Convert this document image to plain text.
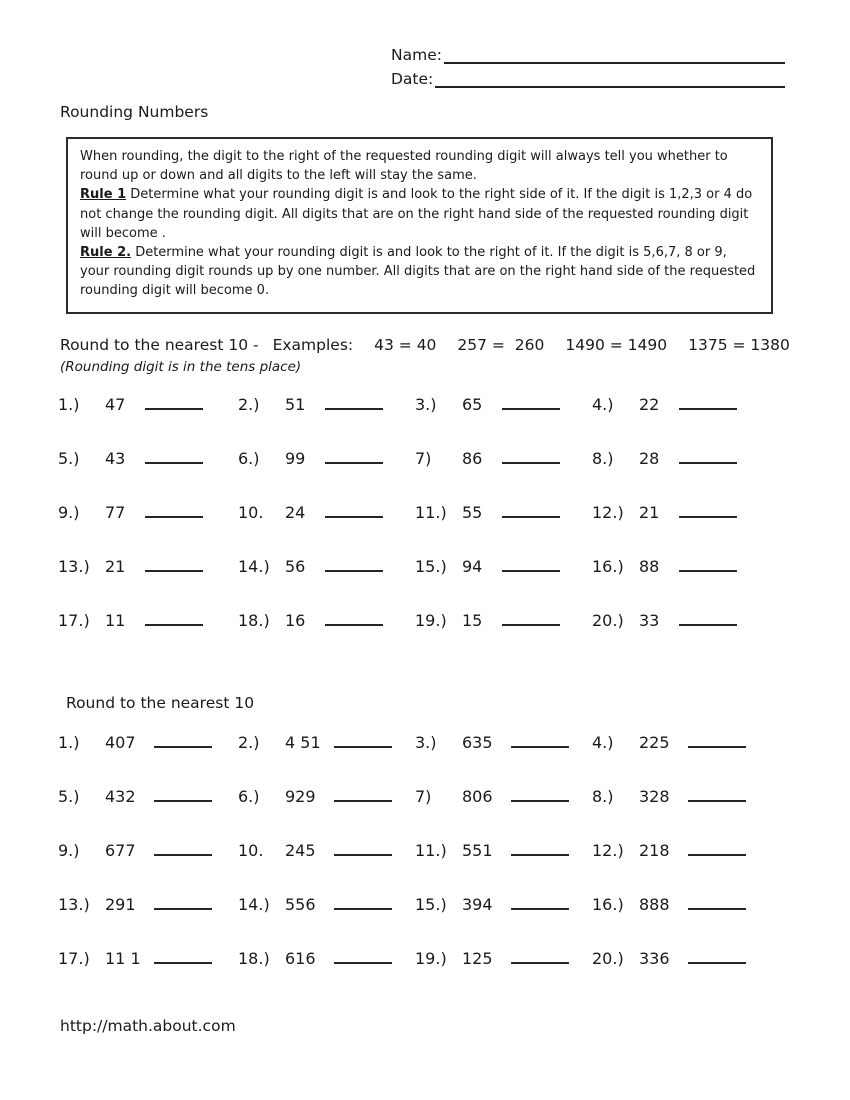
Name:
Date:
Rounding Numbers
When rounding, the digit to the right of the requested rounding digit will always tell you whether to round up or down and all digits to the left will stay the same.
Rule 1 Determine what your rounding digit is and look to the right side of it. If the digit is 1,2,3 or 4 do not change the rounding digit. All digits that are on the right hand side of the requested rounding digit will become .
Rule 2. Determine what your rounding digit is and look to the right of it. If the digit is 5,6,7, 8 or 9, your rounding digit rounds up by one number. All digits that are on the right hand side of the requested rounding digit will become 0.
Round to the nearest 10 - Examples: 43 = 40 257 =  260 1490 = 1490 1375 = 1380
(Rounding digit is in the tens place)
1.)	47	2.)	51	3.)	65	4.)	22
5.)	43	6.)	99	7)	86	8.)	28
9.)	77	10.	24	11.) 55	12.) 21
13.) 21	14.) 56	15.) 94	16.) 88
17.) 11	18.) 16	19.) 15	20.) 33
Round to the nearest 10
1.)	407	2.)	4 51	3.)	635	4.)	225
5.)	432	6.)	929	7)	806	8.)	328
9.)	677	10.	245	11.) 551	12.) 218
13.) 291	14.) 556	15.) 394	16.) 888
17.) 11 1	18.) 616	19.) 125	20.) 336
http://math.about.com
